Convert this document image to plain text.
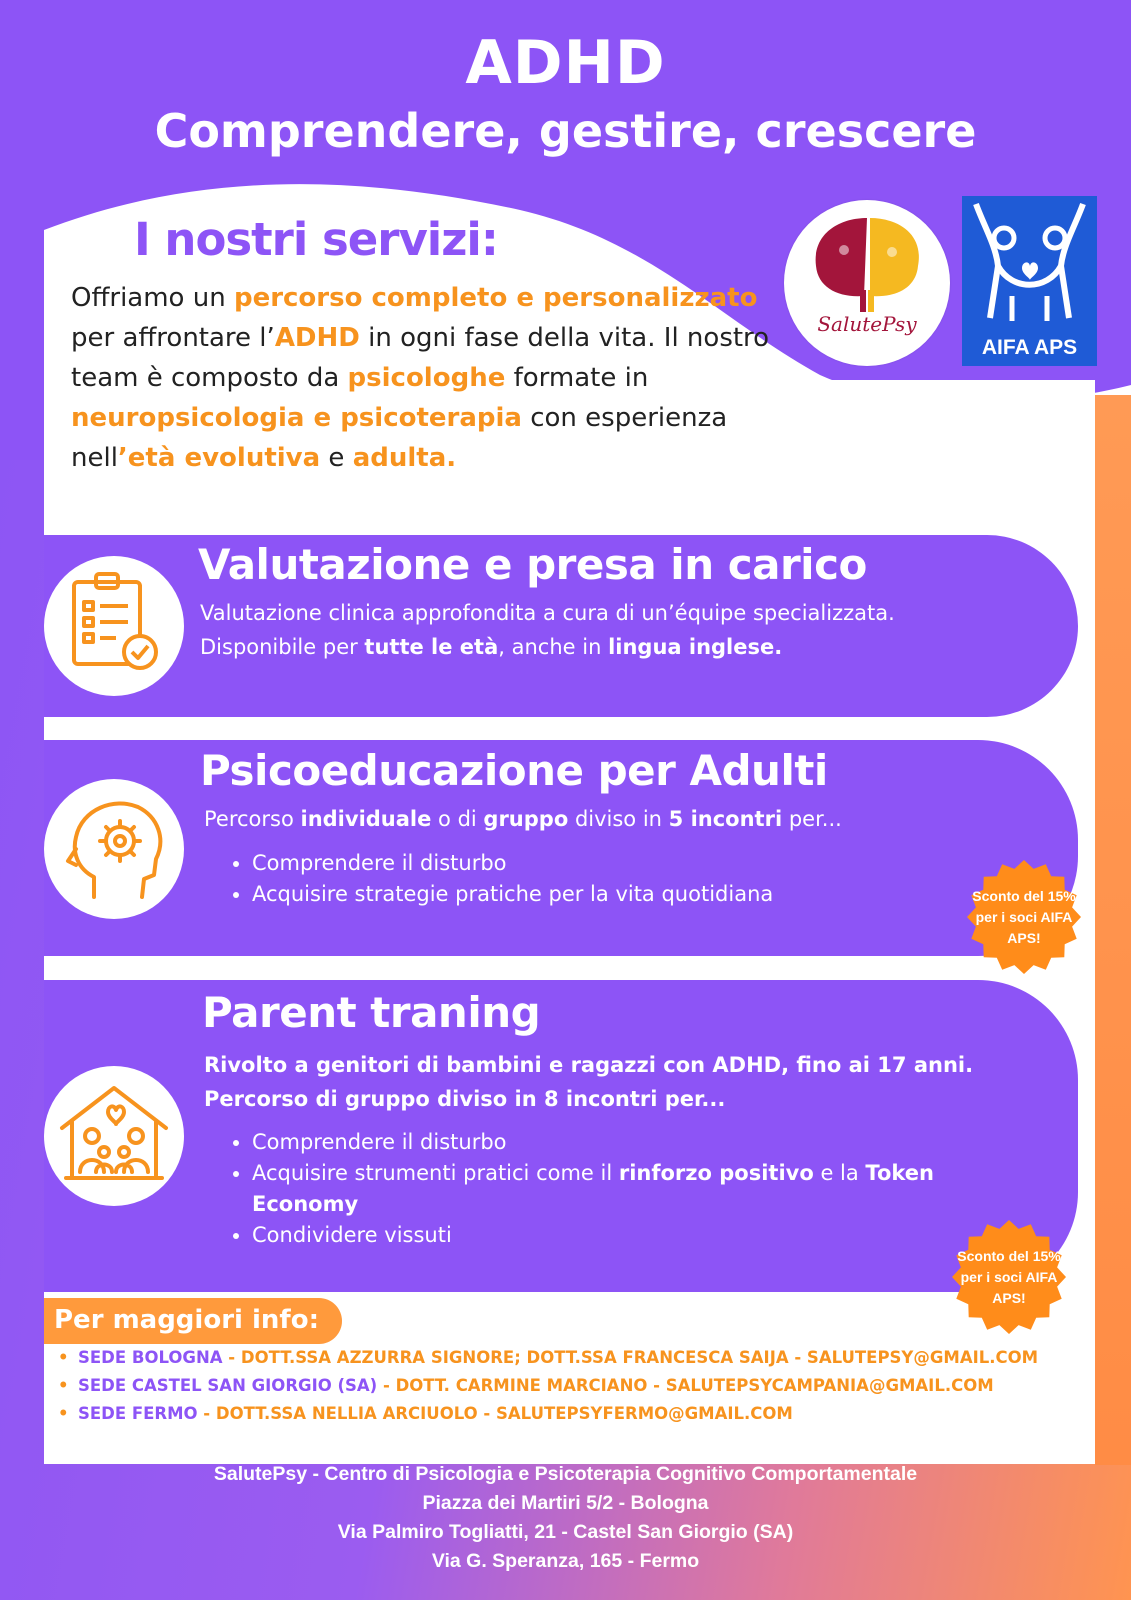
ADHD
Comprendere, gestire, crescere
I nostri servizi:
Offriamo un percorso completo e personalizzato per affrontare l’ADHD in ogni fase della vita. Il nostro team è composto da psicologhe formate in neuropsicologia e psicoterapia con esperienza nell’età evolutiva e adulta.
SalutePsy
AIFA APS
Valutazione e presa in carico
Valutazione clinica approfondita a cura di un’équipe specializzata.
Disponibile per tutte le età, anche in lingua inglese.
Psicoeducazione per Adulti
Percorso individuale o di gruppo diviso in 5 incontri per...
• Comprendere il disturbo
• Acquisire strategie pratiche per la vita quotidiana	Sconto del 15% per i soci AIFA APS!
Parent traning
Rivolto a genitori di bambini e ragazzi con ADHD, fino ai 17 anni.
Percorso di gruppo diviso in 8 incontri per...
• Comprendere il disturbo
• Acquisire strumenti pratici come il rinforzo positivo e la Token Economy
• Condividere vissuti
Sconto del 15% per i soci AIFA APS!
Per maggiori info:
• SEDE BOLOGNA - DOTT.SSA AZZURRA SIGNORE; DOTT.SSA FRANCESCA SAIJA - SALUTEPSY@GMAIL.COM
• SEDE CASTEL SAN GIORGIO (SA) - DOTT. CARMINE MARCIANO - SALUTEPSYCAMPANIA@GMAIL.COM
• SEDE FERMO - DOTT.SSA NELLIA ARCIUOLO - SALUTEPSYFERMO@GMAIL.COM
SalutePsy - Centro di Psicologia e Psicoterapia Cognitivo Comportamentale
Piazza dei Martiri 5/2 - Bologna
Via Palmiro Togliatti, 21 - Castel San Giorgio (SA)
Via G. Speranza, 165 - Fermo
